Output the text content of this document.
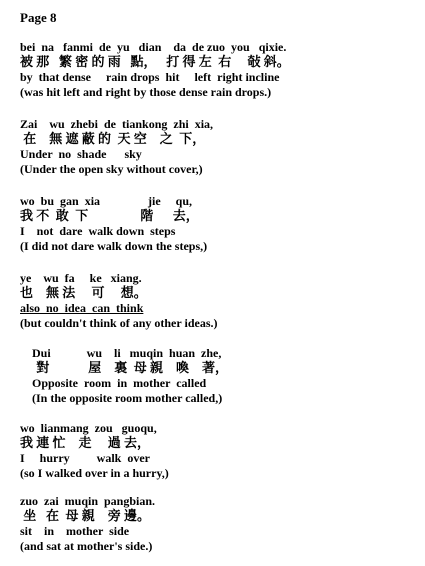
Page 8
bei  na   fanmi  de  yu   dian    da  de zuo  you   qixie.
被 那   繁 密 的 雨   點，   打 得 左  右     敧 斜。
by  that dense     rain drops  hit     left  right incline
(was hit left and right by those dense rain drops.)
Zai    wu  zhebi  de  tiankong  zhi  xia,
在    無 遮 蔽 的  天 空    之  下，
Under  no  shade      sky
(Under the open sky without cover,)
wo  bu  gan  xia                jie     qu,
我 不  敢  下                階      去，
I    not  dare  walk down  steps
(I did not dare walk down the steps,)
ye    wu  fa     ke   xiang.
也    無 法     可     想。
also  no  idea  can  think
(but couldn't think of any other ideas.)
Dui            wu    li   muqin  huan  zhe,
對            屋    裏  母 親    喚    著，
Opposite  room  in  mother  called
(In the opposite room mother called,)
wo  lianmang  zou   guoqu,
我 連 忙    走     過 去，
I     hurry         walk  over
(so I walked over in a hurry,)
zuo  zai  muqin  pangbian.
坐   在  母 親    旁 邊。
sit    in    mother  side
(and sat at mother's side.)
